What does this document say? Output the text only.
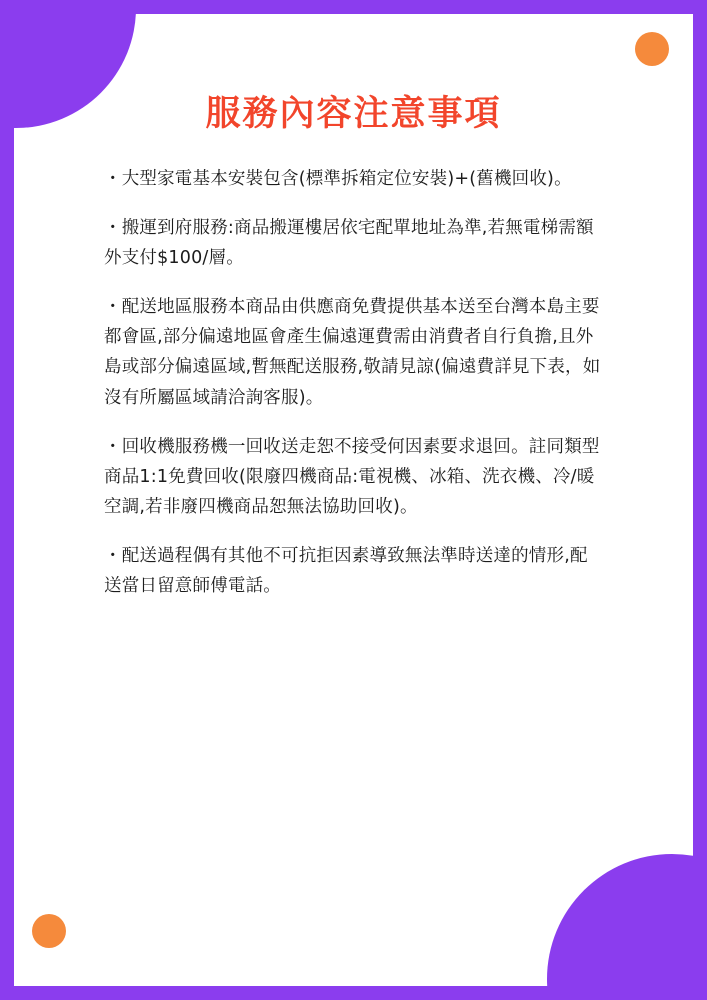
服務內容注意事項

・大型家電基本安裝包含(標準拆箱定位安裝)+(舊機回收)。

・搬運到府服務:商品搬運樓居依宅配單地址為準,若無電梯需額外支付$100/層。

・配送地區服務本商品由供應商免費提供基本送至台灣本島主要都會區,部分偏遠地區會產生偏遠運費需由消費者自行負擔,且外島或部分偏遠區域,暫無配送服務,敬請見諒(偏遠費詳見下表，如沒有所屬區域請洽詢客服)。

・回收機服務機一回收送走恕不接受何因素要求退回。註同類型商品1:1免費回收(限廢四機商品:電視機、冰箱、洗衣機、冷/暖空調,若非廢四機商品恕無法協助回收)。

・配送過程偶有其他不可抗拒因素導致無法準時送達的情形,配送當日留意師傅電話。
